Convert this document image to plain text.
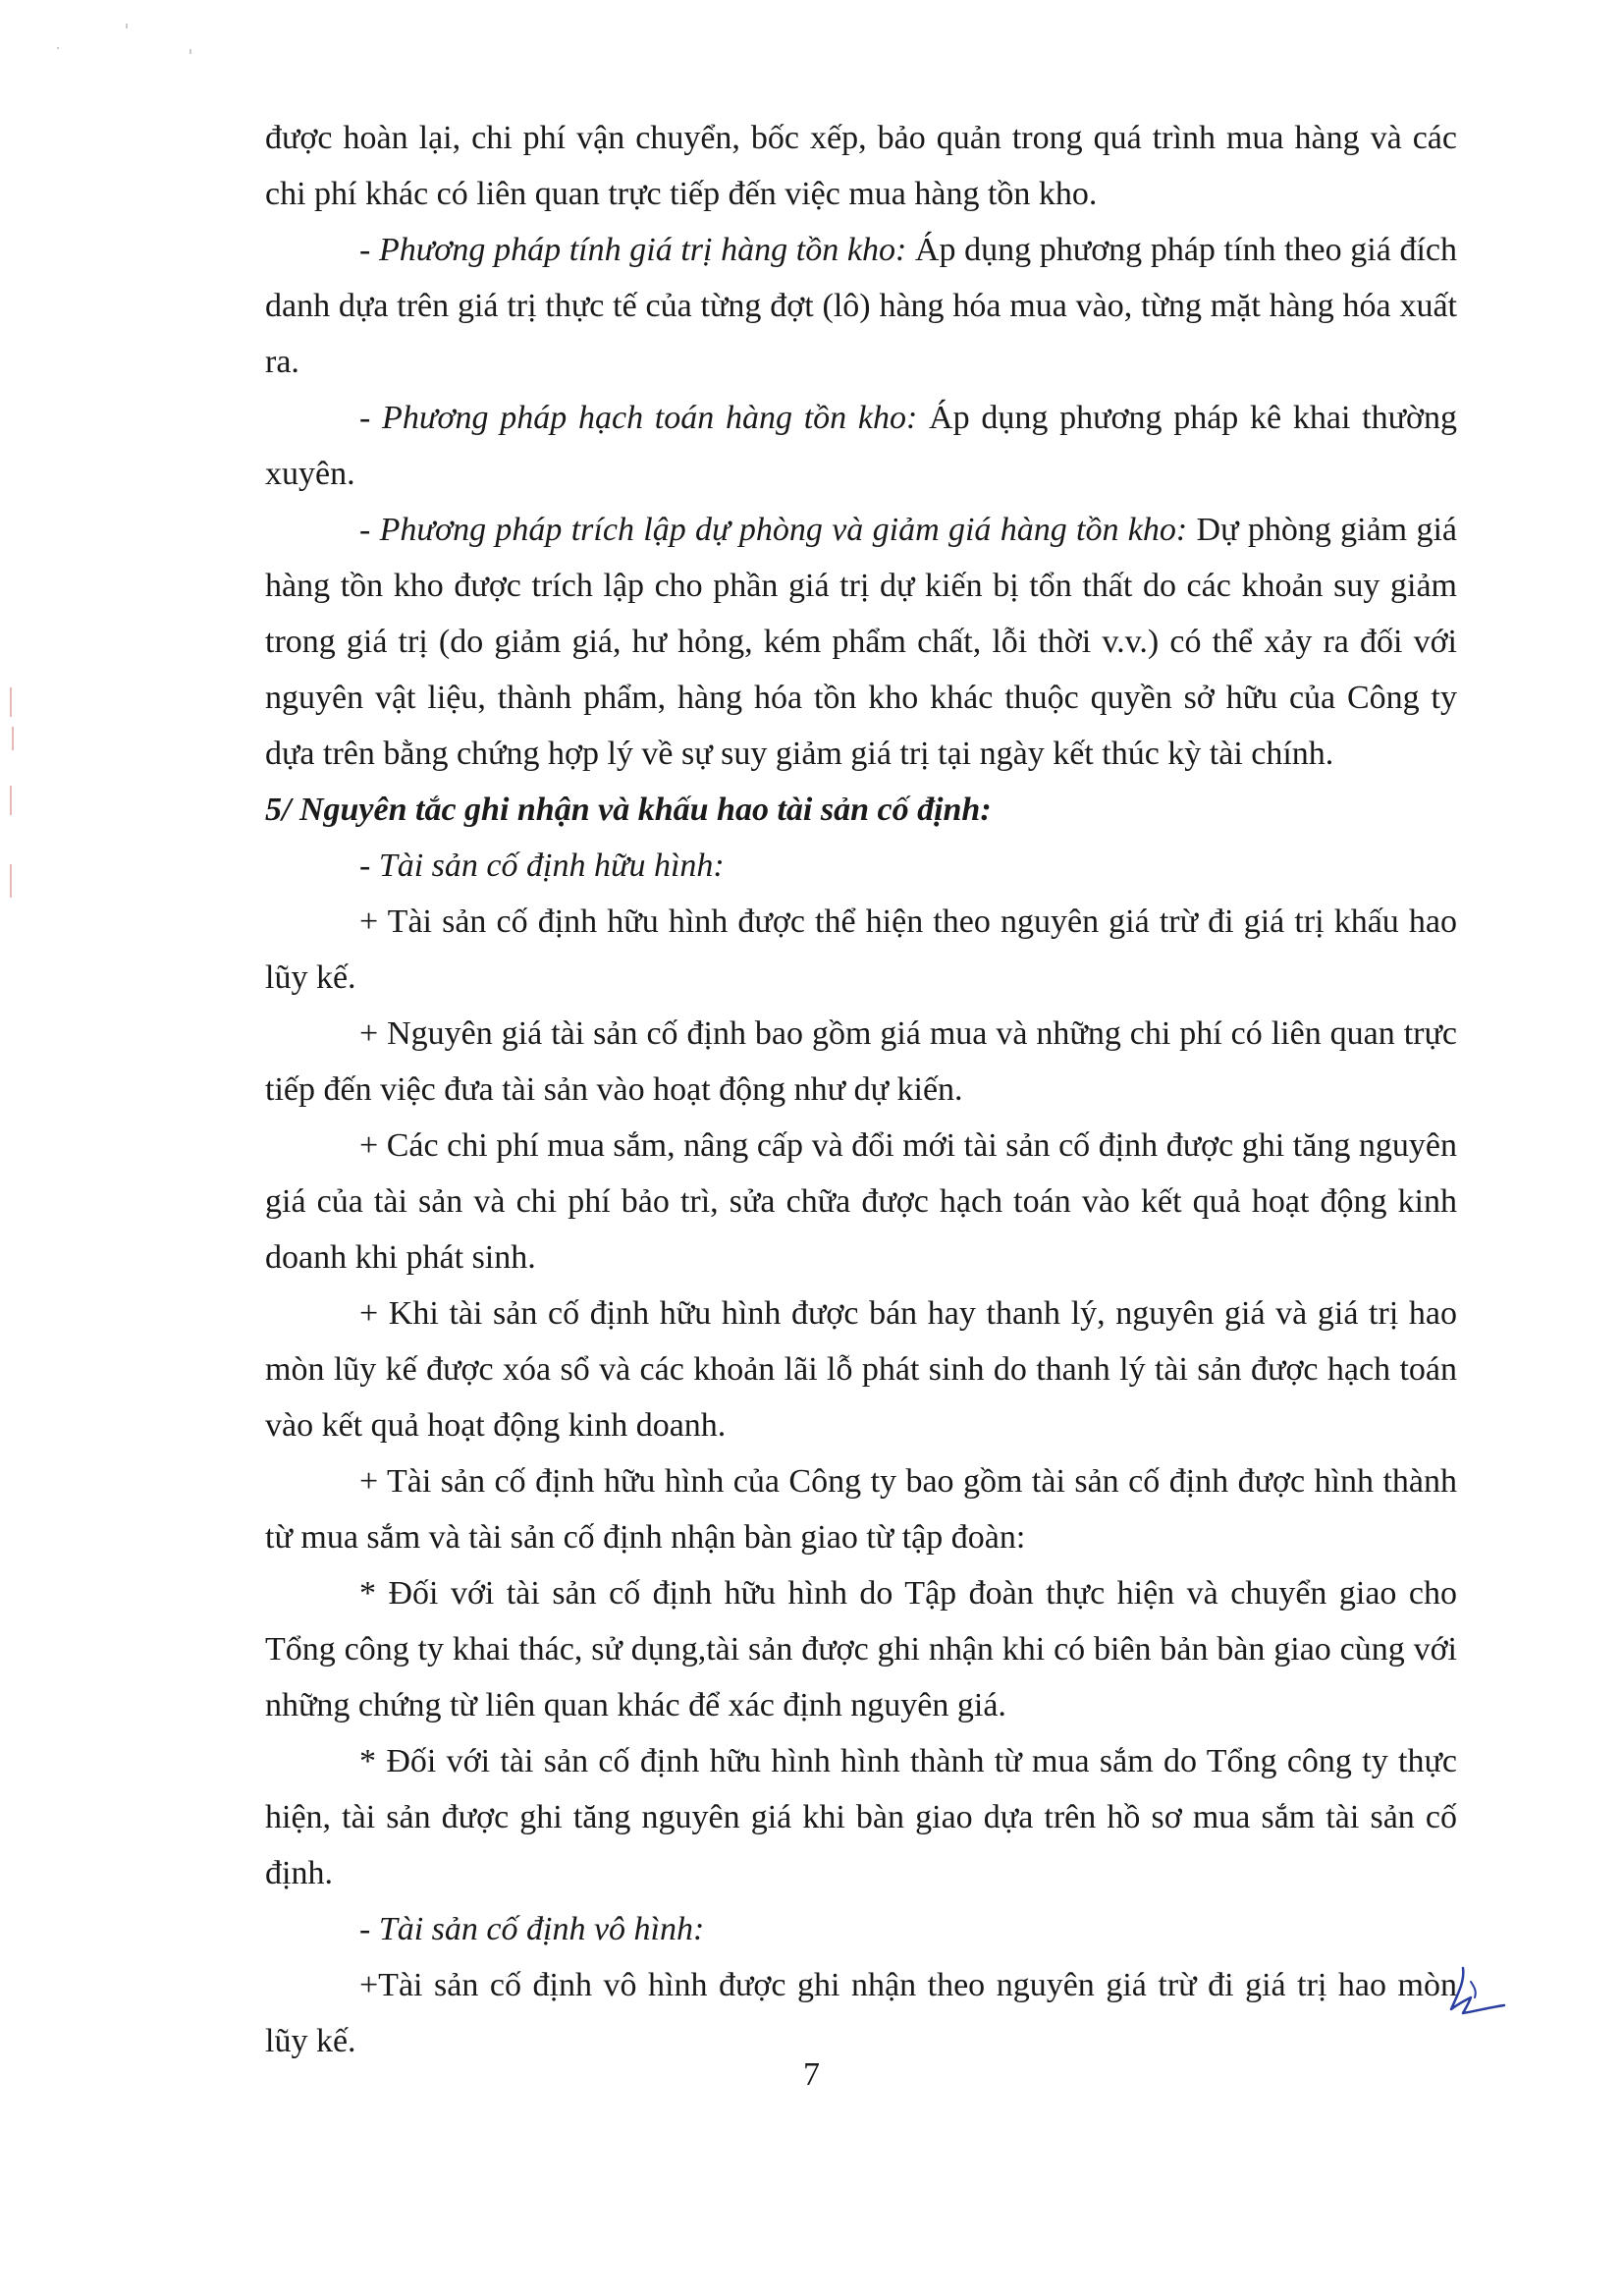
được hoàn lại, chi phí vận chuyển, bốc xếp, bảo quản trong quá trình mua hàng và các chi phí khác có liên quan trực tiếp đến việc mua hàng tồn kho.

- Phương pháp tính giá trị hàng tồn kho: Áp dụng phương pháp tính theo giá đích danh dựa trên giá trị thực tế của từng đợt (lô) hàng hóa mua vào, từng mặt hàng hóa xuất ra.

- Phương pháp hạch toán hàng tồn kho: Áp dụng phương pháp kê khai thường xuyên.

- Phương pháp trích lập dự phòng và giảm giá hàng tồn kho: Dự phòng giảm giá hàng tồn kho được trích lập cho phần giá trị dự kiến bị tổn thất do các khoản suy giảm trong giá trị (do giảm giá, hư hỏng, kém phẩm chất, lỗi thời v.v.) có thể xảy ra đối với nguyên vật liệu, thành phẩm, hàng hóa tồn kho khác thuộc quyền sở hữu của Công ty dựa trên bằng chứng hợp lý về sự suy giảm giá trị tại ngày kết thúc kỳ tài chính.

5/ Nguyên tắc ghi nhận và khấu hao tài sản cố định:

- Tài sản cố định hữu hình:

+ Tài sản cố định hữu hình được thể hiện theo nguyên giá trừ đi giá trị khấu hao lũy kế.

+ Nguyên giá tài sản cố định bao gồm giá mua và những chi phí có liên quan trực tiếp đến việc đưa tài sản vào hoạt động như dự kiến.

+ Các chi phí mua sắm, nâng cấp và đổi mới tài sản cố định được ghi tăng nguyên giá của tài sản và chi phí bảo trì, sửa chữa được hạch toán vào kết quả hoạt động kinh doanh khi phát sinh.

+ Khi tài sản cố định hữu hình được bán hay thanh lý, nguyên giá và giá trị hao mòn lũy kế được xóa sổ và các khoản lãi lỗ phát sinh do thanh lý tài sản được hạch toán vào kết quả hoạt động kinh doanh.

+ Tài sản cố định hữu hình của Công ty bao gồm tài sản cố định được hình thành từ mua sắm và tài sản cố định nhận bàn giao từ tập đoàn:

* Đối với tài sản cố định hữu hình do Tập đoàn thực hiện và chuyển giao cho Tổng công ty khai thác, sử dụng,tài sản được ghi nhận khi có biên bản bàn giao cùng với những chứng từ liên quan khác để xác định nguyên giá.

* Đối với tài sản cố định hữu hình hình thành từ mua sắm do Tổng công ty thực hiện, tài sản được ghi tăng nguyên giá khi bàn giao dựa trên hồ sơ mua sắm tài sản cố định.

- Tài sản cố định vô hình:

+Tài sản cố định vô hình được ghi nhận theo nguyên giá trừ đi giá trị hao mòn lũy kế.

7
